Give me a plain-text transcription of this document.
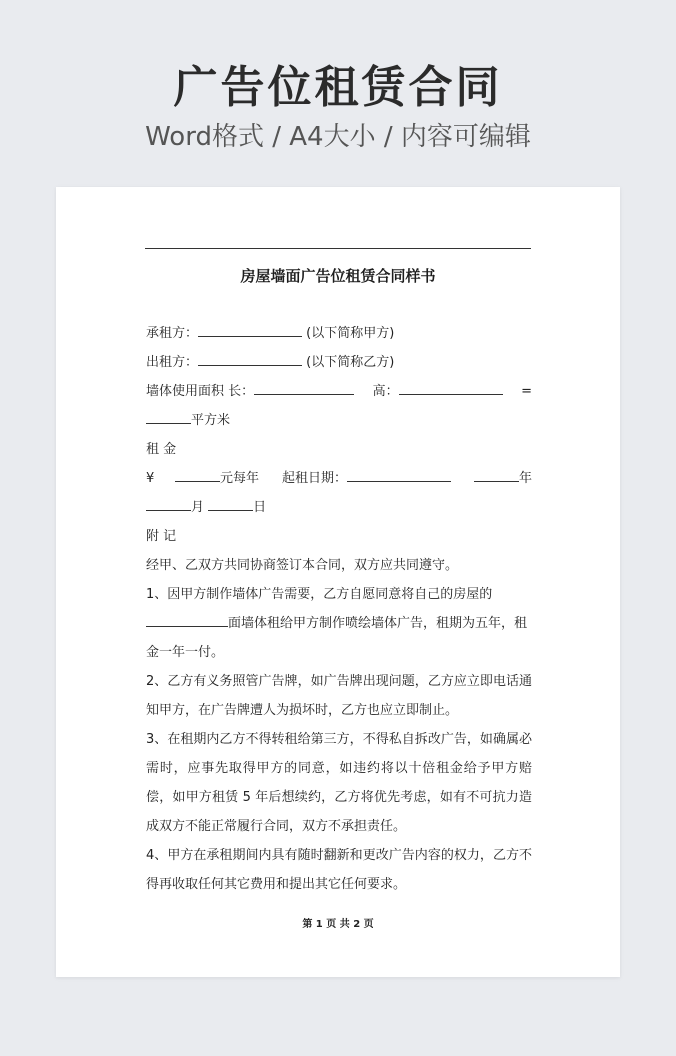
广告位租赁合同
Word格式 / A4大小 / 内容可编辑
房屋墙面广告位租赁合同样书
承租方：	(以下简称甲方)
出租方：	(以下简称乙方)
墙体使用面积 长：	高：	=
平方米
租 金
¥	元每年 起租日期：	年
月	日
附 记
经甲、乙双方共同协商签订本合同，双方应共同遵守。
1、因甲方制作墙体广告需要，乙方自愿同意将自己的房屋的
面墙体租给甲方制作喷绘墙体广告，租期为五年，租
金一年一付。
2、乙方有义务照管广告牌，如广告牌出现问题，乙方应立即电话通知甲方，在广告牌遭人为损坏时，乙方也应立即制止。
3、在租期内乙方不得转租给第三方，不得私自拆改广告，如确属必需时，应事先取得甲方的同意，如违约将以十倍租金给予甲方赔偿，如甲方租赁 5 年后想续约，乙方将优先考虑，如有不可抗力造成双方不能正常履行合同，双方不承担责任。
4、甲方在承租期间内具有随时翻新和更改广告内容的权力，乙方不得再收取任何其它费用和提出其它任何要求。
第 1 页 共 2 页
